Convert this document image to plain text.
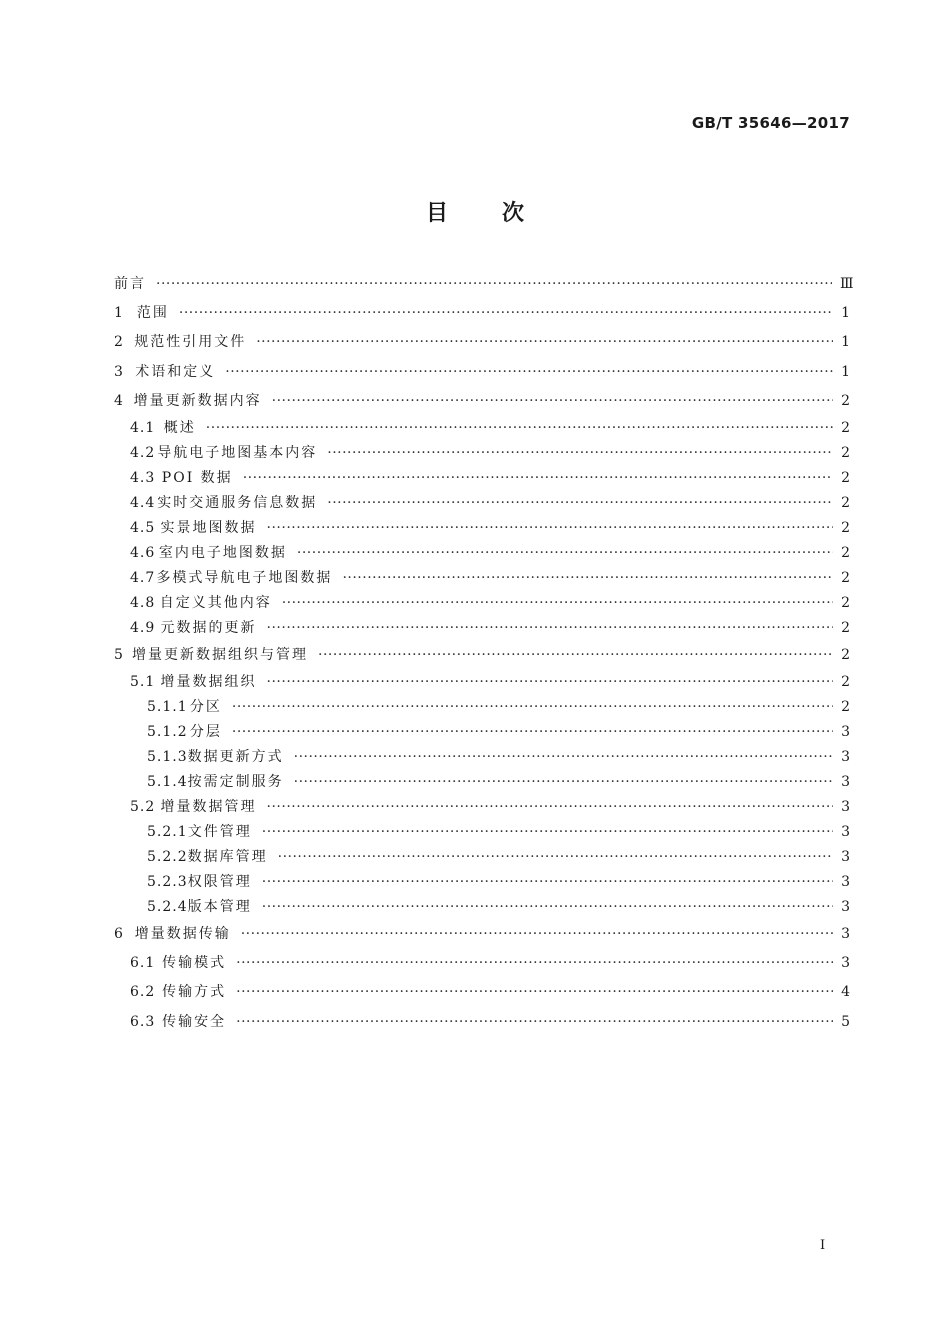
GB/T 35646—2017
目 次
前言 ·····	Ⅲ
1 范围 ·····	1
2 规范性引用文件 ·····	1
3 术语和定义 ·····	1
4 增量更新数据内容 ·····	2
4.1 概述 ·····	2
4.2 导航电子地图基本内容 ·····	2
4.3 POI 数据 ·····	2
4.4 实时交通服务信息数据 ·····	2
4.5 实景地图数据 ·····	2
4.6 室内电子地图数据 ·····	2
4.7 多模式导航电子地图数据 ·····	2
4.8 自定义其他内容 ·····	2
4.9 元数据的更新 ·····	2
5 增量更新数据组织与管理 ·····	2
5.1 增量数据组织 ·····	2
5.1.1 分区 ·····	2
5.1.2 分层 ·····	3
5.1.3 数据更新方式 ·····	3
5.1.4 按需定制服务 ·····	3
5.2 增量数据管理 ·····	3
5.2.1 文件管理 ·····	3
5.2.2 数据库管理 ·····	3
5.2.3 权限管理 ·····	3
5.2.4 版本管理 ·····	3
6 增量数据传输 ·····	3
6.1 传输模式 ·····	3
6.2 传输方式 ·····	4
6.3 传输安全 ·····	5
Ⅰ
